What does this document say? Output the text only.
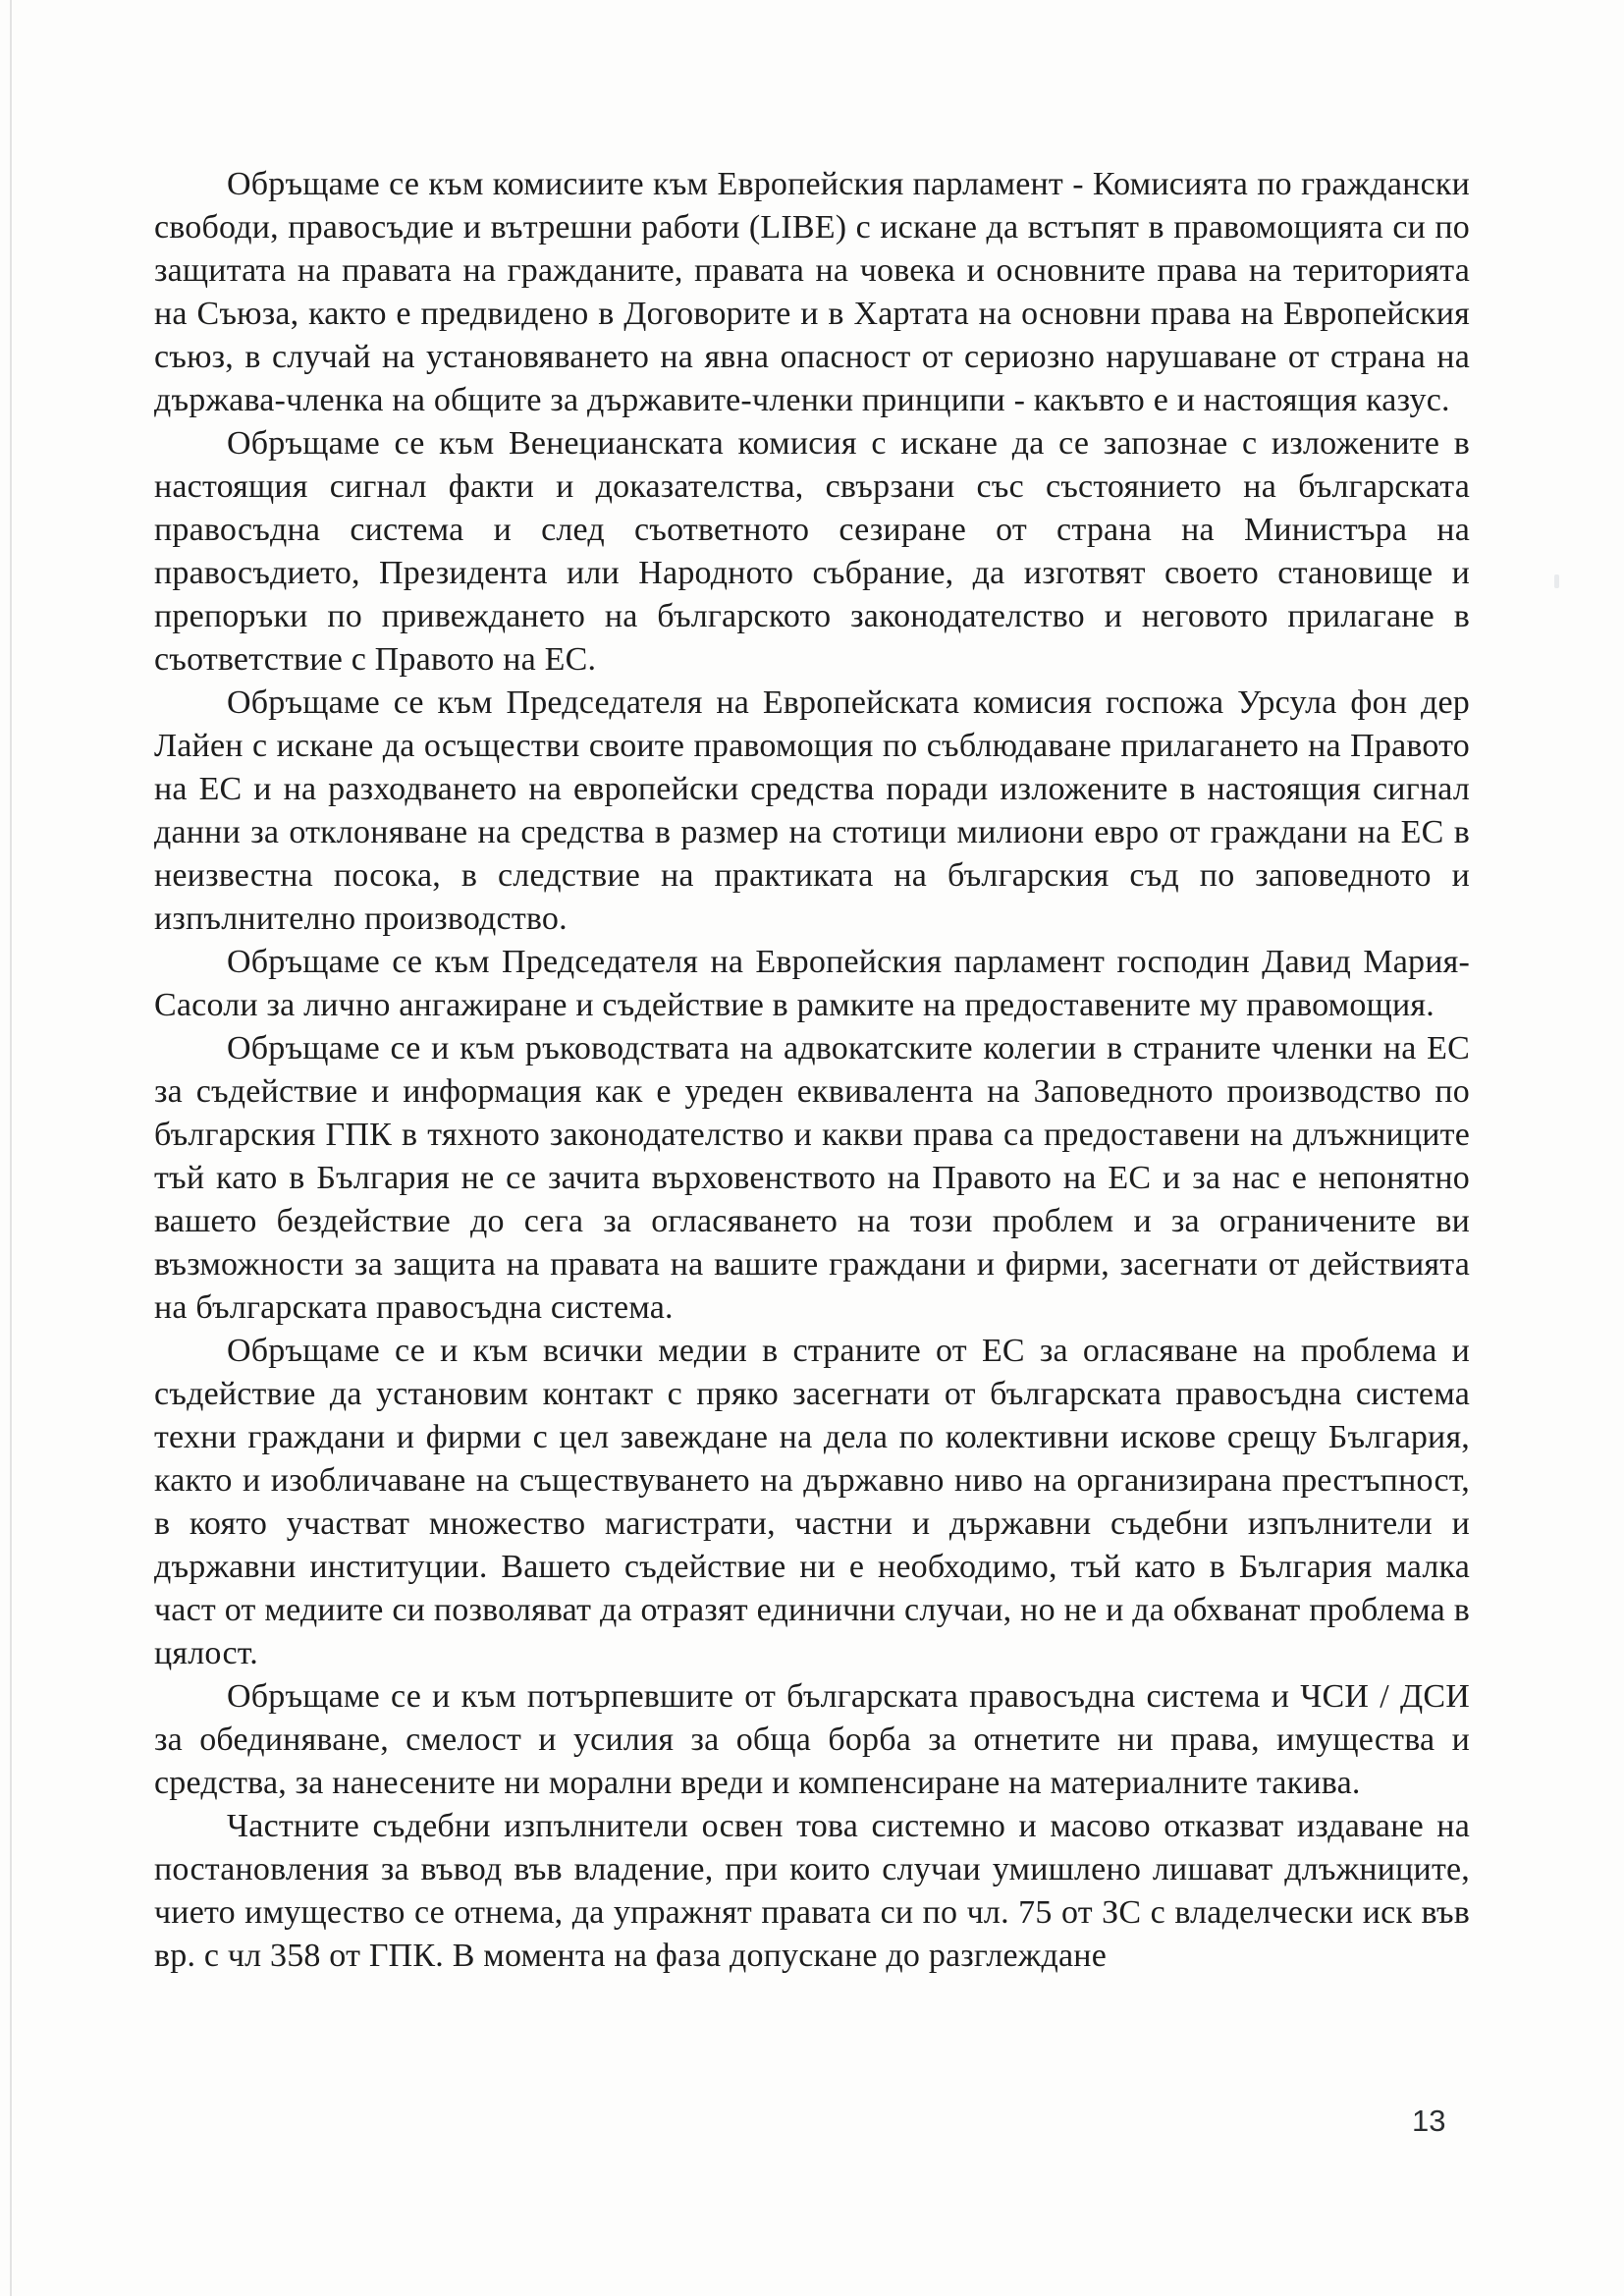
Обръщаме се към комисиите към Европейския парламент - Комисията по граждански свободи, правосъдие и вътрешни работи (LIBE) с искане да встъпят в правомощията си по защитата на правата на гражданите, правата на човека и основните права на територията на Съюза, както е предвидено в Договорите и в Хартата на основни права на Европейския съюз, в случай на установяването на явна опасност от сериозно нарушаване от страна на държава-членка на общите за държавите-членки принципи - какъвто е и настоящия казус.

Обръщаме се към Венецианската комисия с искане да се запознае с изложените в настоящия сигнал факти и доказателства, свързани със състоянието на българската правосъдна система и след съответното сезиране от страна на Министъра на правосъдието, Президента или Народното събрание, да изготвят своето становище и препоръки по привеждането на българското законодателство и неговото прилагане в съответствие с Правото на ЕС.

Обръщаме се към Председателя на Европейската комисия госпожа Урсула фон дер Лайен с искане да осъществи своите правомощия по съблюдаване прилагането на Правото на ЕС и на разходването на европейски средства поради изложените в настоящия сигнал данни за отклоняване на средства в размер на стотици милиони евро от граждани на ЕС в неизвестна посока, в следствие на практиката на българския съд по заповедното и изпълнително производство.

Обръщаме се към Председателя на Европейския парламент господин Давид Мария-Сасоли за лично ангажиране и съдействие в рамките на предоставените му правомощия.

Обръщаме се и към ръководствата на адвокатските колегии в страните членки на ЕС за съдействие и информация как е уреден еквивалента на Заповедното производство по българския ГПК в тяхното законодателство и какви права са предоставени на длъжниците тъй като в България не се зачита върховенството на Правото на ЕС и за нас е непонятно вашето бездействие до сега за огласяването на този проблем и за ограничените ви възможности за защита на правата на вашите граждани и фирми, засегнати от действията на българската правосъдна система.

Обръщаме се и към всички медии в страните от ЕС за огласяване на проблема и съдействие да установим контакт с пряко засегнати от българската правосъдна система техни граждани и фирми с цел завеждане на дела по колективни искове срещу България, както и изобличаване на съществуването на държавно ниво на организирана престъпност, в която участват множество магистрати, частни и държавни съдебни изпълнители и държавни институции. Вашето съдействие ни е необходимо, тъй като в България малка част от медиите си позволяват да отразят единични случаи, но не и да обхванат проблема в цялост.

Обръщаме се и към потърпевшите от българската правосъдна система и ЧСИ / ДСИ за обединяване, смелост и усилия за обща борба за отнетите ни права, имущества и средства, за нанесените ни морални вреди и компенсиране на материалните такива.

Частните съдебни изпълнители освен това системно и масово отказват издаване на постановления за въвод във владение, при които случаи умишлено лишават длъжниците, чието имущество се отнема, да упражнят правата си по чл. 75 от ЗС с владелчески иск във вр. с чл 358 от ГПК. В момента на фаза допускане до разглеждане

13
